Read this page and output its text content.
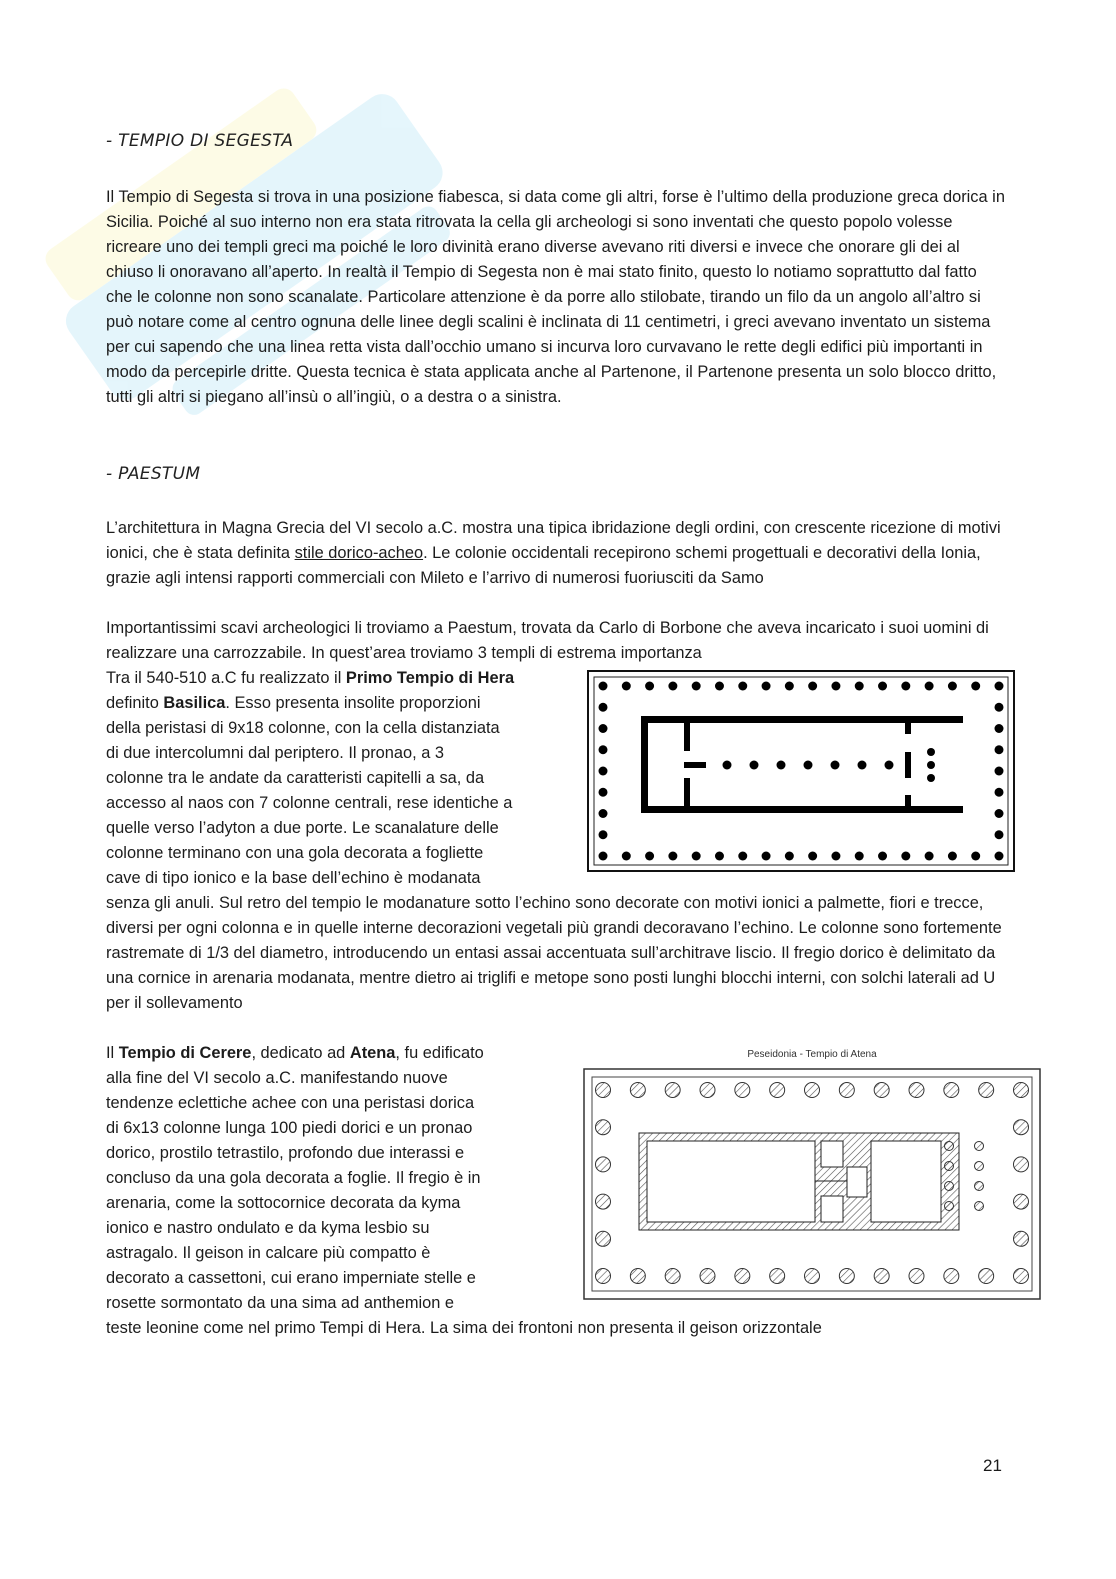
- TEMPIO DI SEGESTA
Il Tempio di Segesta si trova in una posizione fiabesca, si data come gli altri, forse è l’ultimo della produzione greca dorica in Sicilia. Poiché al suo interno non era stata ritrovata la cella gli archeologi si sono inventati che questo popolo volesse ricreare uno dei templi greci ma poiché le loro divinità erano diverse avevano riti diversi e invece che onorare gli dei al chiuso li onoravano all’aperto. In realtà il Tempio di Segesta non è mai stato finito, questo lo notiamo soprattutto dal fatto che le colonne non sono scanalate. Particolare attenzione è da porre allo stilobate, tirando un filo da un angolo all’altro si può notare come al centro ognuna delle linee degli scalini è inclinata di 11 centimetri, i greci avevano inventato un sistema per cui sapendo che una linea retta vista dall’occhio umano si incurva loro curvavano le rette degli edifici più importanti in modo da percepirle dritte. Questa tecnica è stata applicata anche al Partenone, il Partenone presenta un solo blocco dritto, tutti gli altri si piegano all’insù o all’ingiù, o a destra o a sinistra.
- PAESTUM
L’architettura in Magna Grecia del VI secolo a.C. mostra una tipica ibridazione degli ordini, con crescente ricezione di motivi ionici, che è stata definita stile dorico-acheo. Le colonie occidentali recepirono schemi progettuali e decorativi della Ionia, grazie agli intensi rapporti commerciali con Mileto e l’arrivo di numerosi fuoriusciti da Samo
Importantissimi scavi archeologici li troviamo a Paestum, trovata da Carlo di Borbone che aveva incaricato i suoi uomini di realizzare una carrozzabile. In quest’area troviamo 3 templi di estrema importanza

Tra il 540-510 a.C fu realizzato il Primo Tempio di Hera

definito Basilica. Esso presenta insolite proporzioni

della peristasi di 9x18 colonne, con la cella distanziata

di due intercolumni dal periptero. Il pronao, a 3

colonne tra le andate da caratteristi capitelli a sa, da

accesso al naos con 7 colonne centrali, rese identiche a

quelle verso l’adyton a due porte. Le scanalature delle

colonne terminano con una gola decorata a fogliette

cave di tipo ionico e la base dell’echino è modanata

senza gli anuli. Sul retro del tempio le modanature sotto l’echino sono decorate con motivi ionici a palmette, fiori e trecce, diversi per ogni colonna e in quelle interne decorazioni vegetali più grandi decoravano l’echino. Le colonne sono fortemente rastremate di 1/3 del diametro, introducendo un entasi assai accentuata sull’architrave liscio. Il fregio dorico è delimitato da una cornice in arenaria modanata, mentre dietro ai triglifi e metope sono posti lunghi blocchi interni, con solchi laterali ad U per il sollevamento

Il Tempio di Cerere, dedicato ad Atena, fu edificato

alla fine del VI secolo a.C. manifestando nuove

tendenze eclettiche achee con una peristasi dorica

di 6x13 colonne lunga 100 piedi dorici e un pronao

dorico, prostilo tetrastilo, profondo due interassi e

concluso da una gola decorata a foglie. Il fregio è in

arenaria, come la sottocornice decorata da kyma

ionico e nastro ondulato e da kyma lesbio su

astragalo. Il geison in calcare più compatto è

decorato a cassettoni, cui erano imperniate stelle e

rosette sormontato da una sima ad anthemion e

teste leonine come nel primo Tempi di Hera. La sima dei frontoni non presenta il geison orizzontale
Peseidonia - Tempio di Atena
21
